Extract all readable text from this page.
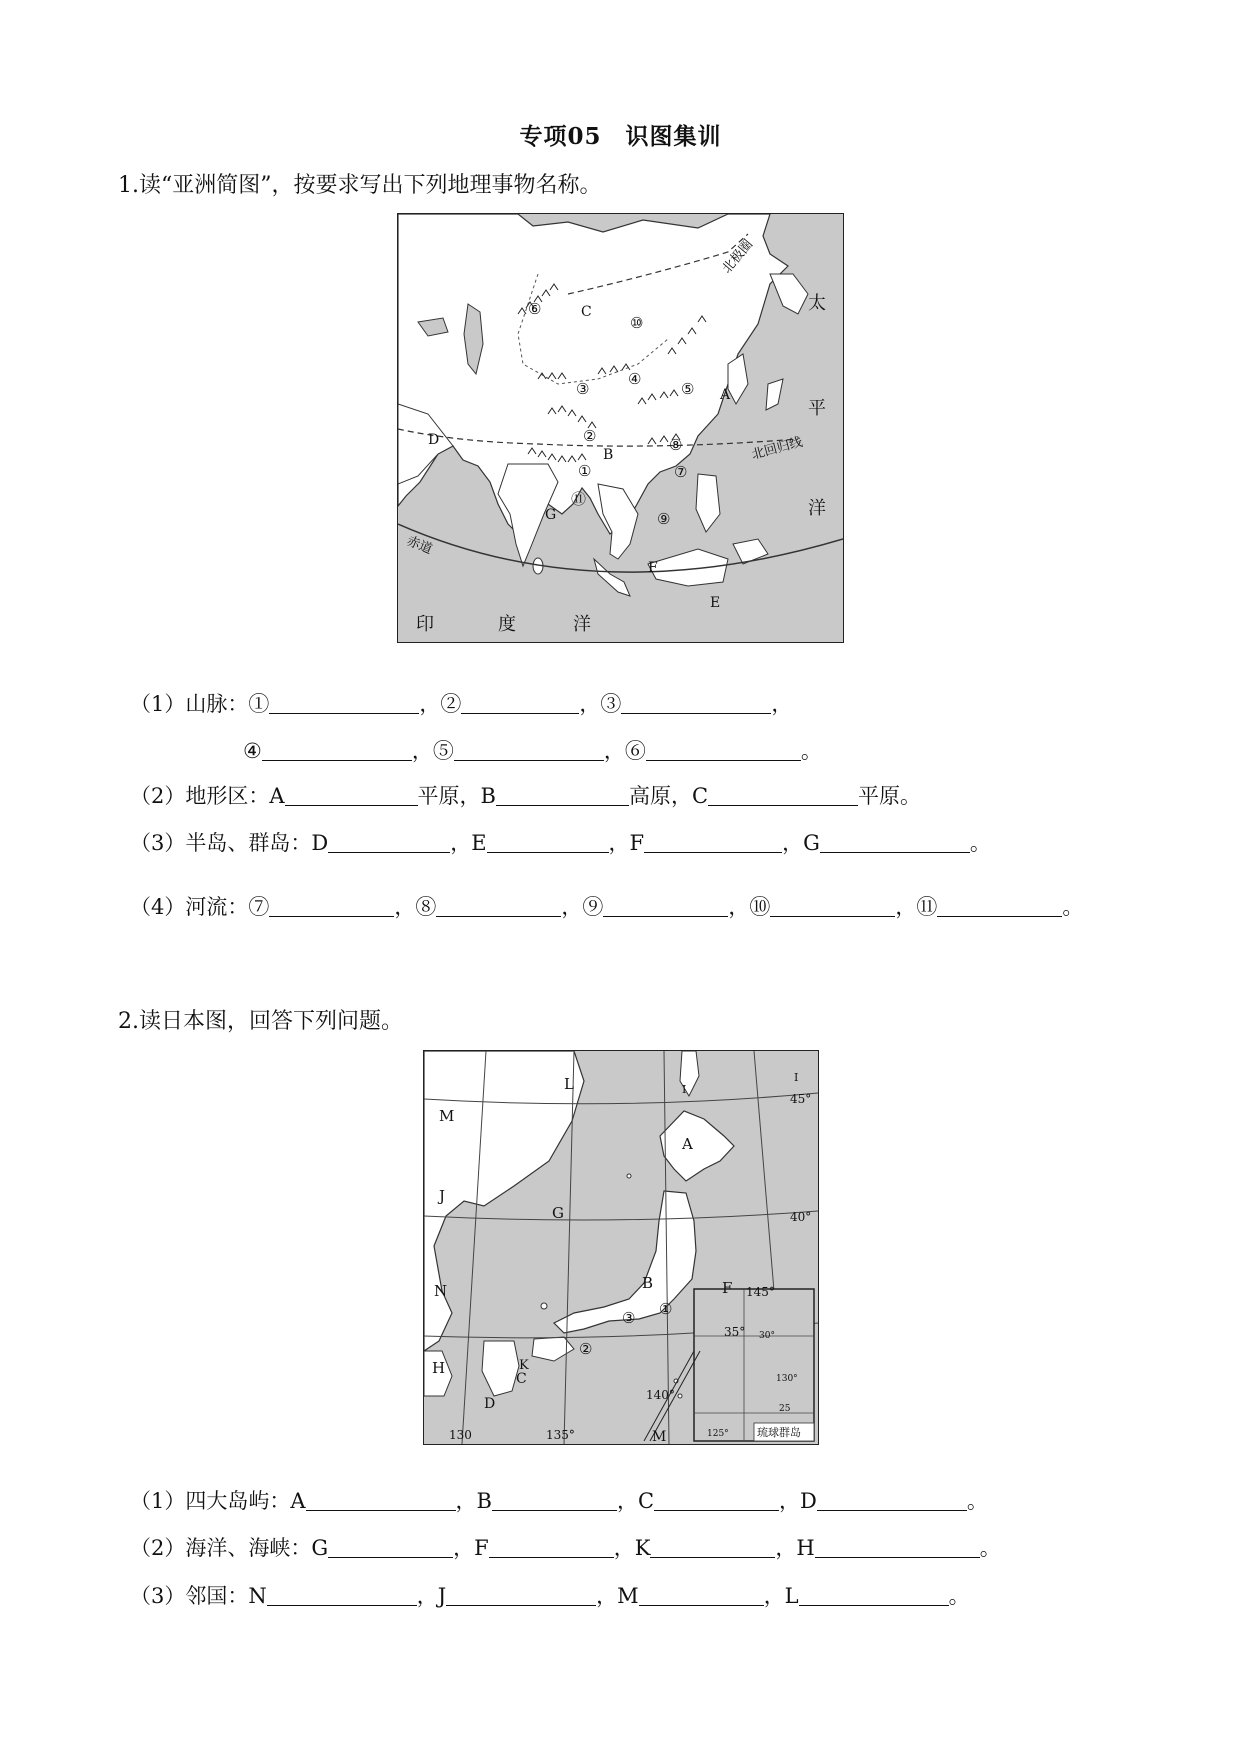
专项05　识图集训
1.读“亚洲简图”，按要求写出下列地理事物名称。
太
平
洋
印	度	洋
北极圈
北回归线
赤道
A
B
C
D
E
F
G
①
②
③
④
⑤
⑥
⑦
⑧
⑨
⑩
⑪
（1）山脉：①	，②	，③	，
④	，⑤	，⑥	。
（2）地形区：A	平原，B	高原，C	平原。
（3）半岛、群岛：D	，E	，F	，G	。
（4）河流：⑦	，⑧	，⑨	，⑩	，⑪	。
2.读日本图，回答下列问题。
30°
25
130°
125°
M	琉球群岛
A
B
C
D
F
G
H
J
K
L
M
N
①
②
③
45°
40°
35°
130	135°
140°
145°
I
I
（1）四大岛屿：A	，B	，C	，D	。
（2）海洋、海峡：G	，F	，K	，H	。
（3）邻国：N	，J	，M	，L	。
